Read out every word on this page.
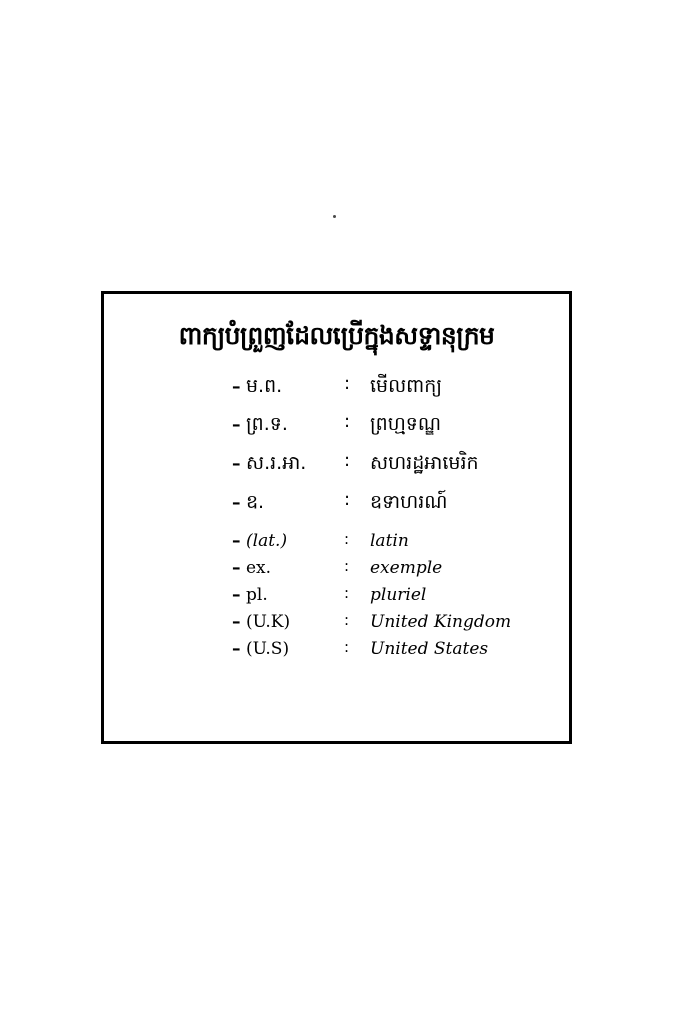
ពាក្យបំព្រួញដែលប្រើក្នុងសទ្ទានុក្រម
– ម.ព.	:	មើលពាក្យ
– ព្រ.ទ.	:	ព្រហ្មទណ្ឌ
– ស.រ.អា. :	សហរដ្ឋអាមេរិក
– ឧ.	:	ឧទាហរណ៍
– (lat.)	:	latin
– ex.	:	exemple
– pl.	:	pluriel
– (U.K)	:	United Kingdom
– (U.S)	:	United States
